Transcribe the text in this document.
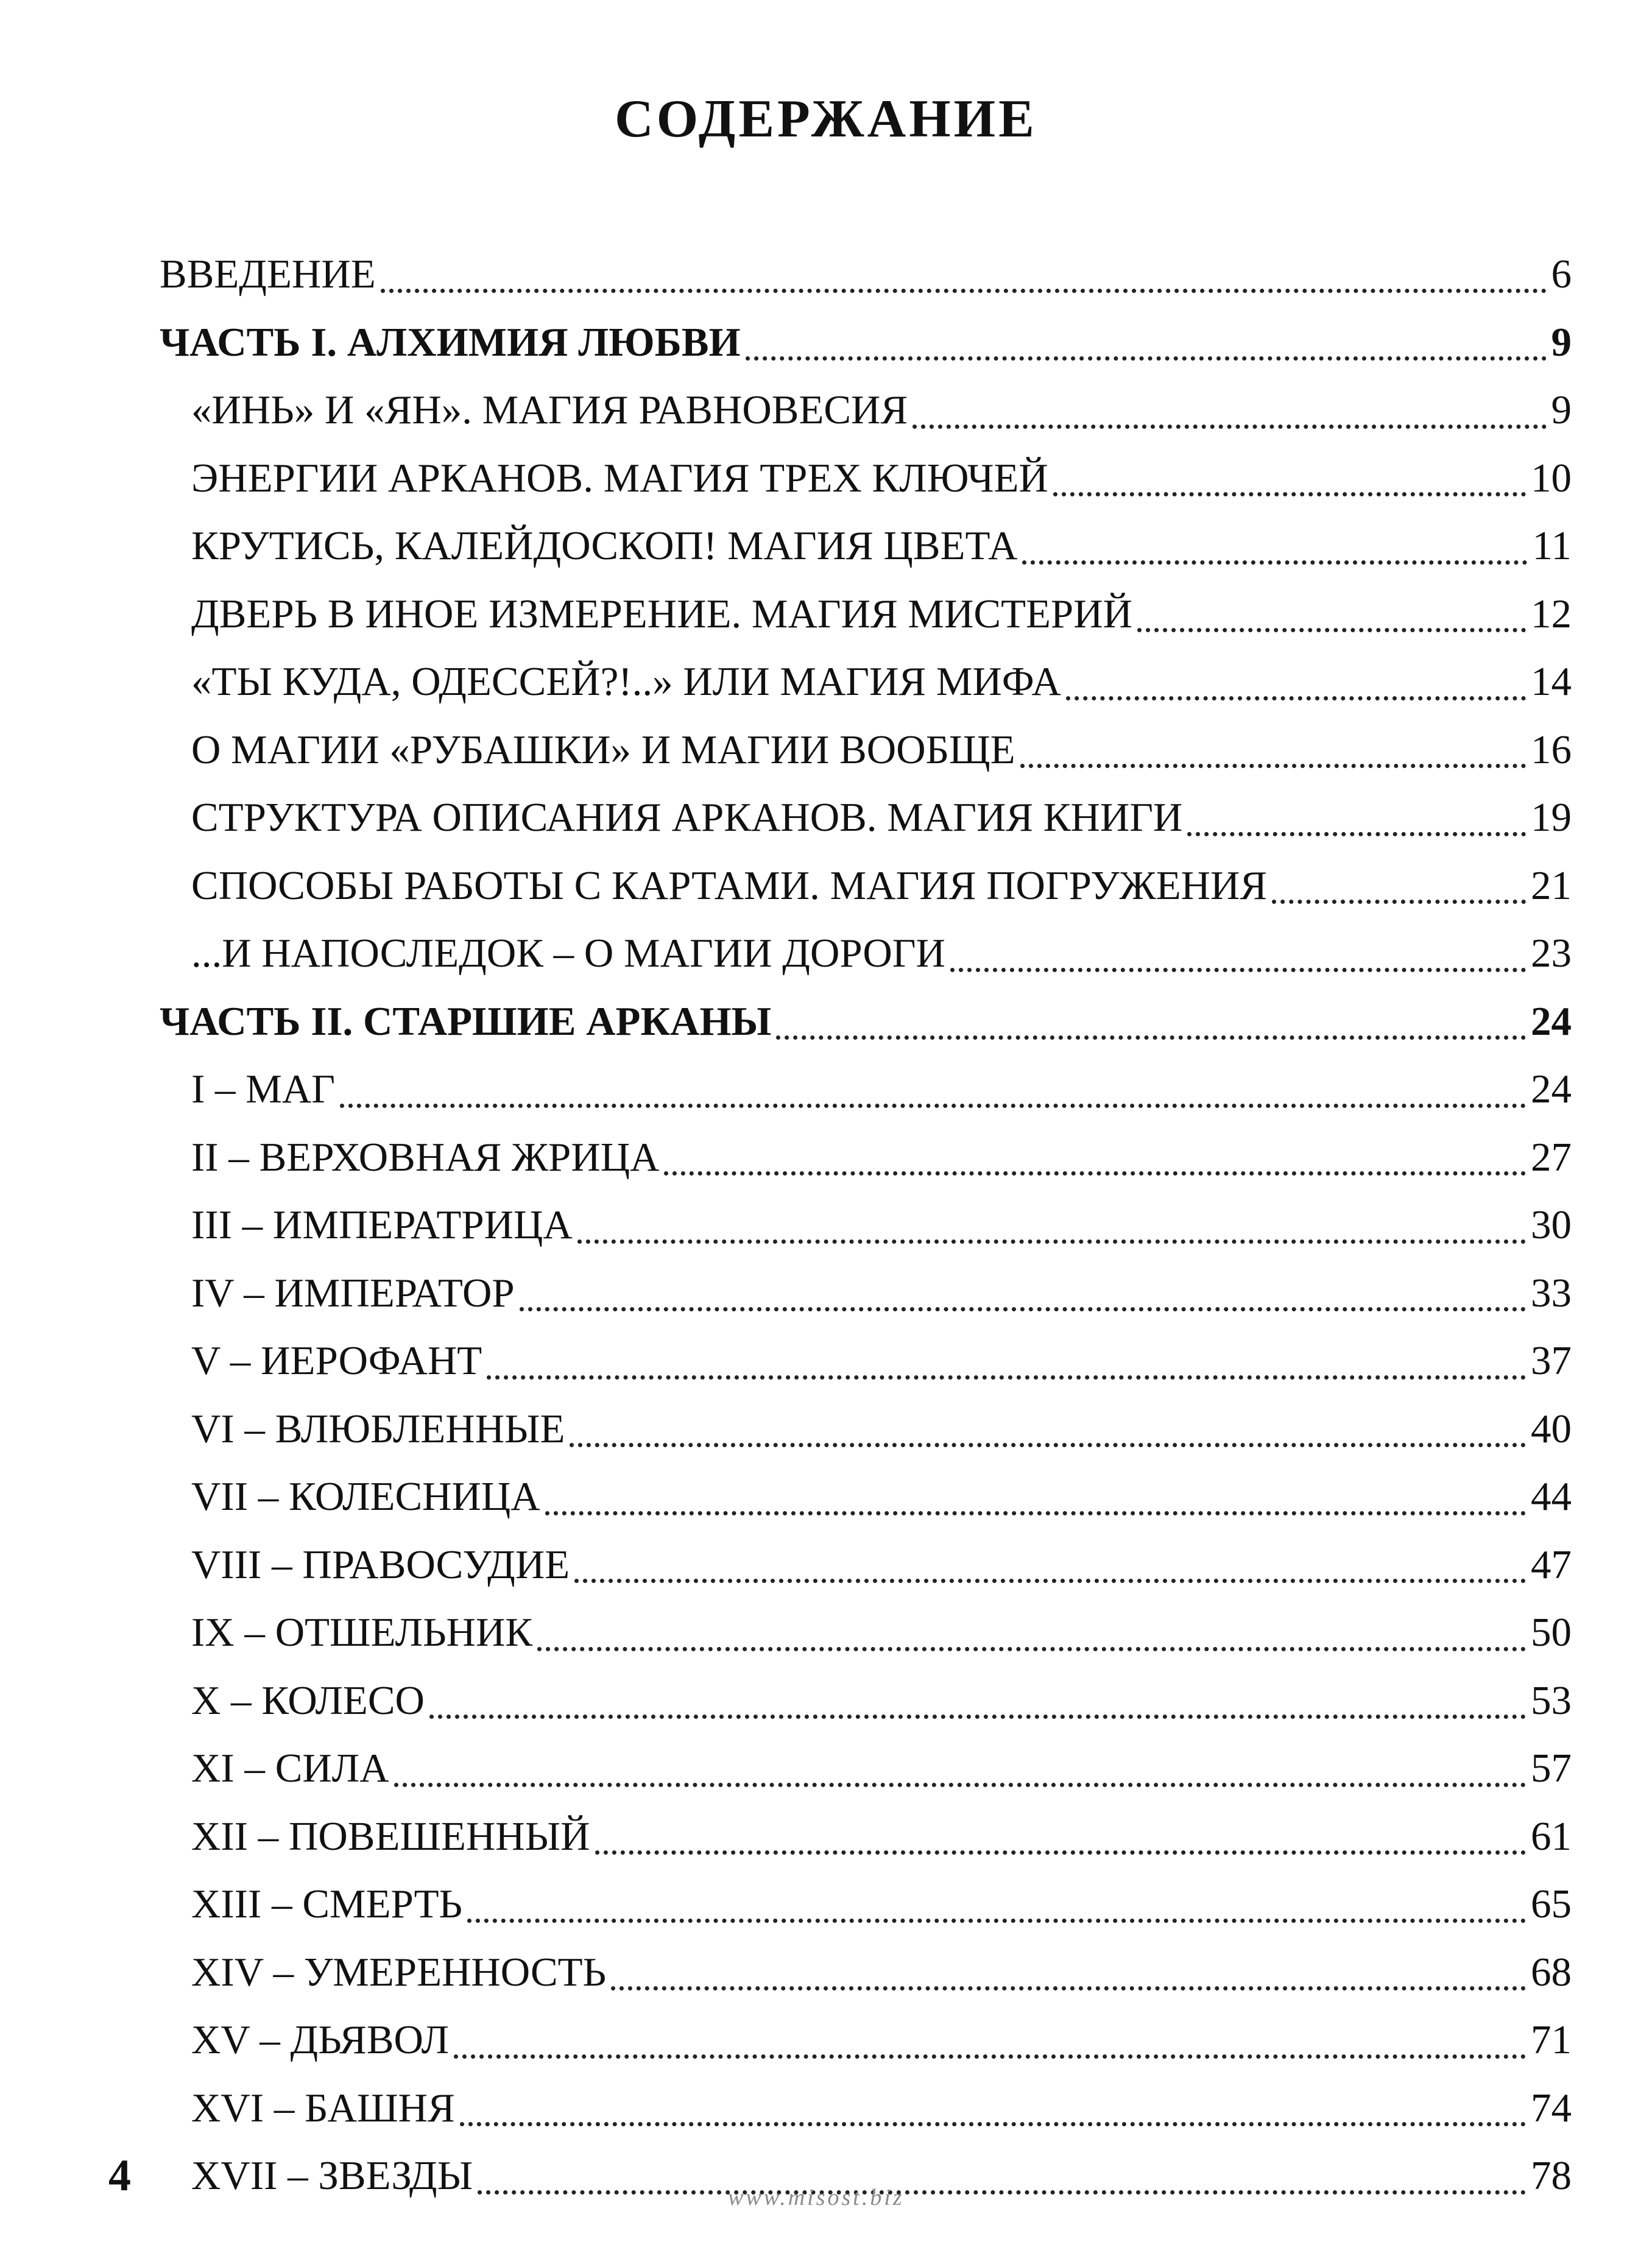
СОДЕРЖАНИЕ
ВВЕДЕНИЕ	6
ЧАСТЬ I. АЛХИМИЯ ЛЮБВИ	9
«ИНЬ» И «ЯН». МАГИЯ РАВНОВЕСИЯ	9
ЭНЕРГИИ АРКАНОВ. МАГИЯ ТРЕХ КЛЮЧЕЙ	10
КРУТИСЬ, КАЛЕЙДОСКОП! МАГИЯ ЦВЕТА	11
ДВЕРЬ В ИНОЕ ИЗМЕРЕНИЕ. МАГИЯ МИСТЕРИЙ	12
«ТЫ КУДА, ОДЕССЕЙ?!..» ИЛИ МАГИЯ МИФА	14
О МАГИИ «РУБАШКИ» И МАГИИ ВООБЩЕ	16
СТРУКТУРА ОПИСАНИЯ АРКАНОВ. МАГИЯ КНИГИ	19
СПОСОБЫ РАБОТЫ С КАРТАМИ. МАГИЯ ПОГРУЖЕНИЯ	21
...И НАПОСЛЕДОК – О МАГИИ ДОРОГИ	23
ЧАСТЬ II. СТАРШИЕ АРКАНЫ	24
I – МАГ	24
II – ВЕРХОВНАЯ ЖРИЦА	27
III – ИМПЕРАТРИЦА	30
IV – ИМПЕРАТОР	33
V – ИЕРОФАНТ	37
VI – ВЛЮБЛЕННЫЕ	40
VII – КОЛЕСНИЦА	44
VIII – ПРАВОСУДИЕ	47
IX – ОТШЕЛЬНИК	50
X – КОЛЕСО	53
XI – СИЛА	57
XII – ПОВЕШЕННЫЙ	61
XIII – СМЕРТЬ	65
XIV – УМЕРЕННОСТЬ	68
XV – ДЬЯВОЛ	71
XVI – БАШНЯ	74
XVII – ЗВЕЗДЫ	78
4	www.misost.biz
